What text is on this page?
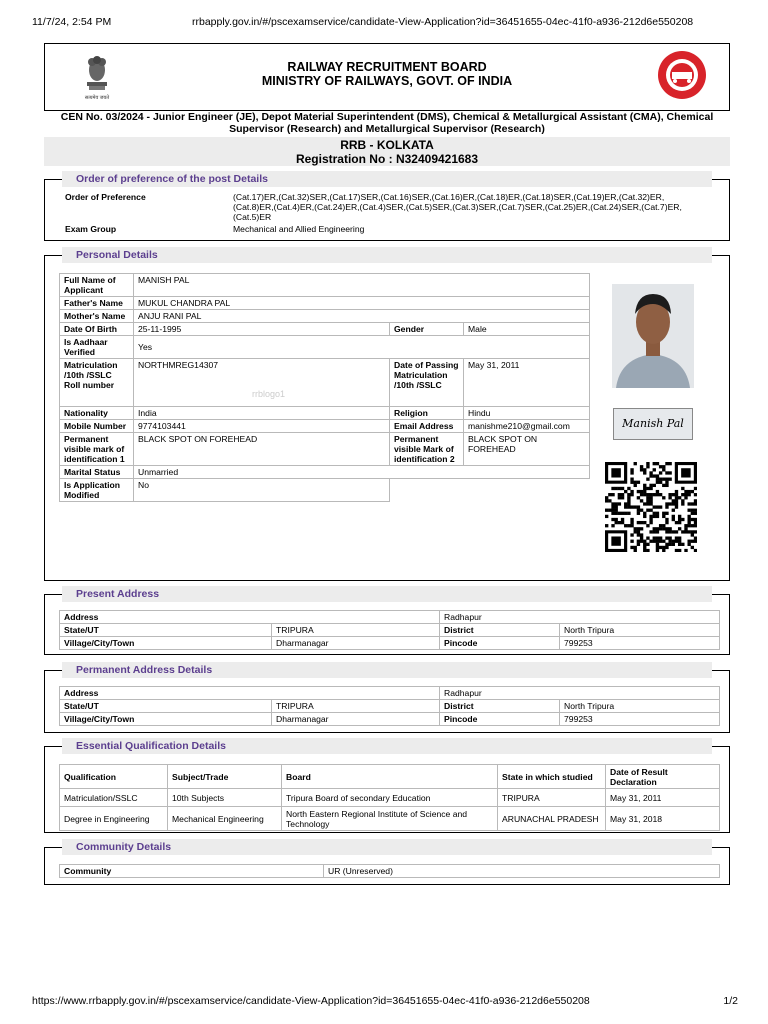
11/7/24, 2:54 PM	rrbapply.gov.in/#/pscexamservice/candidate-View-Application?id=36451655-04ec-41f0-a936-212d6e550208
सत्यमेव जयते
RAILWAY RECRUITMENT BOARD
MINISTRY OF RAILWAYS, GOVT. OF INDIA
CEN No. 03/2024 - Junior Engineer (JE), Depot Material Superintendent (DMS), Chemical & Metallurgical Assistant (CMA), Chemical Supervisor (Research) and Metallurgical Supervisor (Research)
RRB - KOLKATA
Registration No : N32409421683
Order of preference of the post Details
Order of Preference	(Cat.17)ER,(Cat.32)SER,(Cat.17)SER,(Cat.16)SER,(Cat.16)ER,(Cat.18)ER,(Cat.18)SER,(Cat.19)ER,(Cat.32)ER,(Cat.8)ER,(Cat.4)ER,(Cat.24)ER,(Cat.4)SER,(Cat.5)SER,(Cat.3)SER,(Cat.7)SER,(Cat.25)ER,(Cat.24)SER,(Cat.7)ER,(Cat.5)ER
Exam Group	Mechanical and Allied Engineering
Personal Details
Full Name of Applicant	MANISH PAL		
Father's Name	MUKUL CHANDRA PAL		
Mother's Name	ANJU RANI PAL		
Date Of Birth	25-11-1995	Gender	Male
Is Aadhaar Verified	Yes		
Matriculation /10th /SSLC Roll number	NORTHMREG14307	Date of Passing Matriculation /10th /SSLC	May 31, 2011
Nationality	India	Religion	Hindu
Mobile Number	9774103441	Email Address	manishme210@gmail.com
Permanent visible mark of identification 1	BLACK SPOT ON FOREHEAD	Permanent visible Mark of identification 2	BLACK SPOT ON FOREHEAD
Marital Status	Unmarried		
Is Application Modified	No		
rrblogo1
Manish Pal
Present Address
Address		Radhapur	
State/UT	TRIPURA	District	North Tripura
Village/City/Town	Dharmanagar	Pincode	799253
Permanent Address Details
Address		Radhapur	
State/UT	TRIPURA	District	North Tripura
Village/City/Town	Dharmanagar	Pincode	799253
Essential Qualification Details
Qualification	Subject/Trade	Board	State in which studied	Date of Result Declaration
Matriculation/SSLC	10th Subjects	Tripura Board of secondary Education	TRIPURA	May 31, 2011
Degree in Engineering	Mechanical Engineering	North Eastern Regional Institute of Science and Technology	ARUNACHAL PRADESH	May 31, 2018
Community Details
Community	UR (Unreserved)
https://www.rrbapply.gov.in/#/pscexamservice/candidate-View-Application?id=36451655-04ec-41f0-a936-212d6e550208	1/2
